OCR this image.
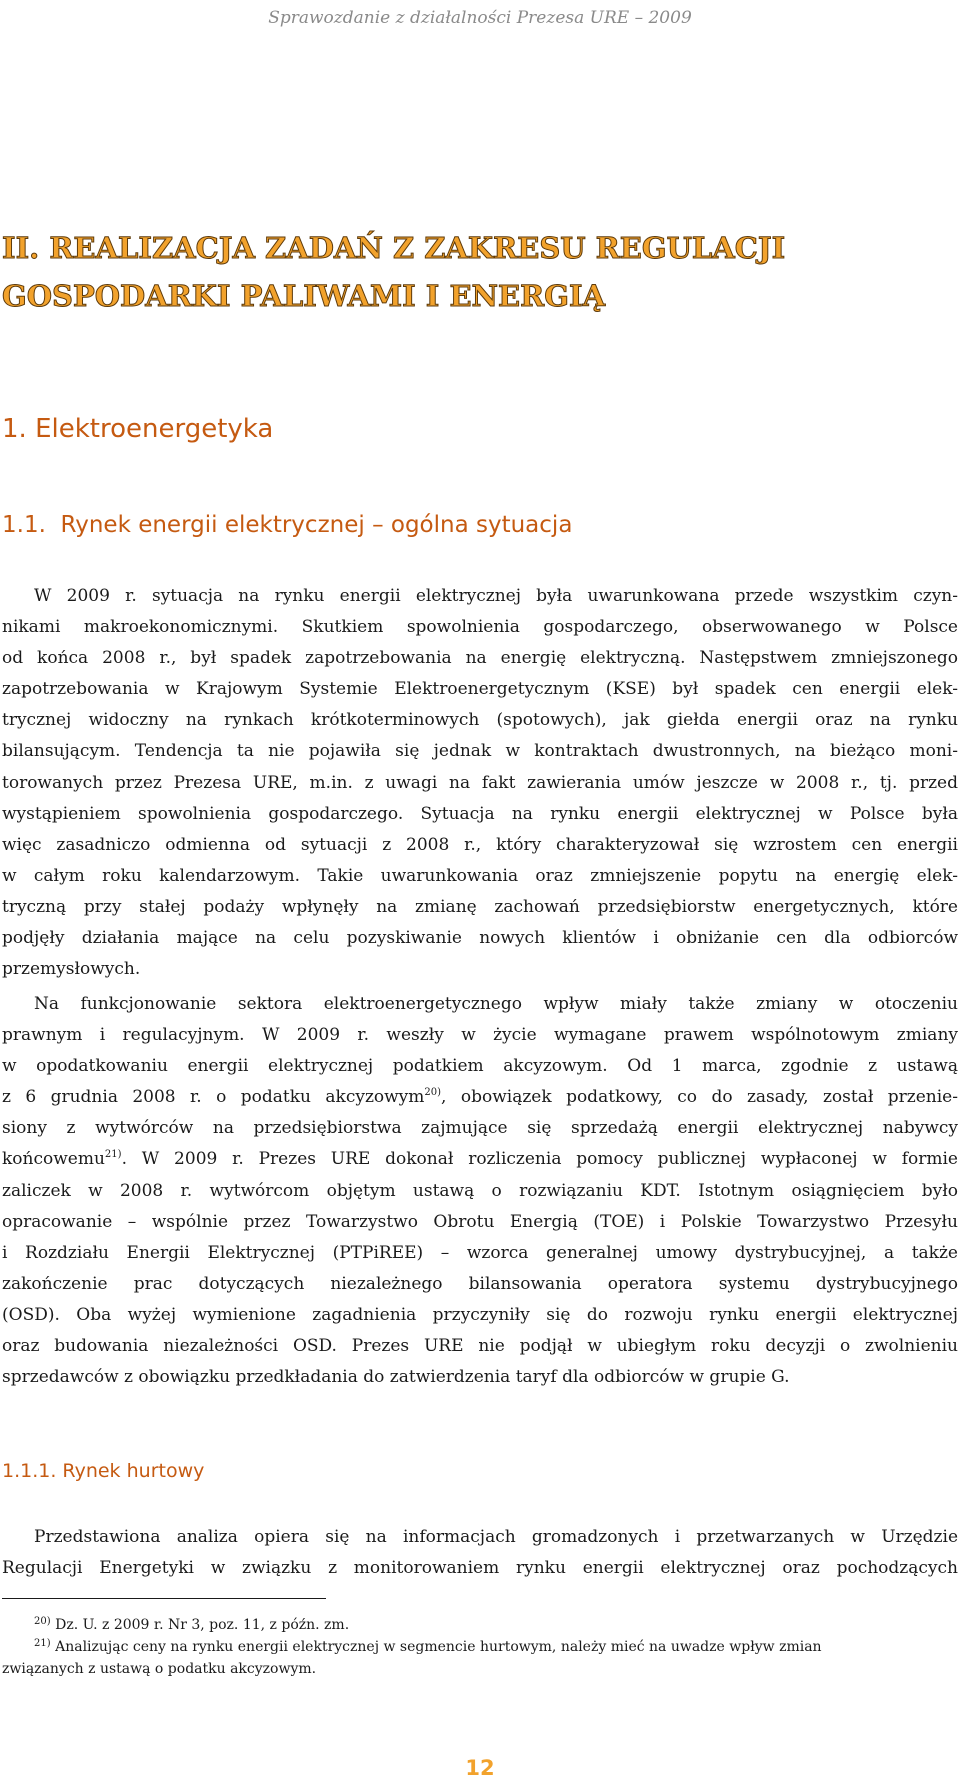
Sprawozdanie z działalności Prezesa URE – 2009
II. REALIZACJA ZADAŃ Z ZAKRESU REGULACJI
GOSPODARKI PALIWAMI I ENERGIĄ
1. Elektroenergetyka
1.1.  Rynek energii elektrycznej – ogólna sytuacja
W 2009 r. sytuacja na rynku energii elektrycznej była uwarunkowana przede wszystkim czyn-
nikami makroekonomicznymi. Skutkiem spowolnienia gospodarczego, obserwowanego w Polsce
od końca 2008 r., był spadek zapotrzebowania na energię elektryczną. Następstwem zmniejszonego
zapotrzebowania w Krajowym Systemie Elektroenergetycznym (KSE) był spadek cen energii elek-
trycznej widoczny na rynkach krótkoterminowych (spotowych), jak giełda energii oraz na rynku
bilansującym. Tendencja ta nie pojawiła się jednak w kontraktach dwustronnych, na bieżąco moni-
torowanych przez Prezesa URE, m.in. z uwagi na fakt zawierania umów jeszcze w 2008 r., tj. przed
wystąpieniem spowolnienia gospodarczego. Sytuacja na rynku energii elektrycznej w Polsce była
więc zasadniczo odmienna od sytuacji z 2008 r., który charakteryzował się wzrostem cen energii
w całym roku kalendarzowym. Takie uwarunkowania oraz zmniejszenie popytu na energię elek-
tryczną przy stałej podaży wpłynęły na zmianę zachowań przedsiębiorstw energetycznych, które
podjęły działania mające na celu pozyskiwanie nowych klientów i obniżanie cen dla odbiorców
przemysłowych.
Na funkcjonowanie sektora elektroenergetycznego wpływ miały także zmiany w otoczeniu
prawnym i regulacyjnym. W 2009 r. weszły w życie wymagane prawem wspólnotowym zmiany
w opodatkowaniu energii elektrycznej podatkiem akcyzowym. Od 1 marca, zgodnie z ustawą
z 6 grudnia 2008 r. o podatku akcyzowym$^{20)}$, obowiązek podatkowy, co do zasady, został przenie-
siony z wytwórców na przedsiębiorstwa zajmujące się sprzedażą energii elektrycznej nabywcy
końcowemu$^{21)}$. W 2009 r. Prezes URE dokonał rozliczenia pomocy publicznej wypłaconej w formie
zaliczek w 2008 r. wytwórcom objętym ustawą o rozwiązaniu KDT. Istotnym osiągnięciem było
opracowanie – wspólnie przez Towarzystwo Obrotu Energią (TOE) i Polskie Towarzystwo Przesyłu
i Rozdziału Energii Elektrycznej (PTPiREE) – wzorca generalnej umowy dystrybucyjnej, a także
zakończenie prac dotyczących niezależnego bilansowania operatora systemu dystrybucyjnego
(OSD). Oba wyżej wymienione zagadnienia przyczyniły się do rozwoju rynku energii elektrycznej
oraz budowania niezależności OSD. Prezes URE nie podjął w ubiegłym roku decyzji o zwolnieniu
sprzedawców z obowiązku przedkładania do zatwierdzenia taryf dla odbiorców w grupie G.
1.1.1. Rynek hurtowy
Przedstawiona analiza opiera się na informacjach gromadzonych i przetwarzanych w Urzędzie
Regulacji Energetyki w związku z monitorowaniem rynku energii elektrycznej oraz pochodzących
20) Dz. U. z 2009 r. Nr 3, poz. 11, z późn. zm.
21) Analizując ceny na rynku energii elektrycznej w segmencie hurtowym, należy mieć na uwadze wpływ zmian
związanych z ustawą o podatku akcyzowym.
12
